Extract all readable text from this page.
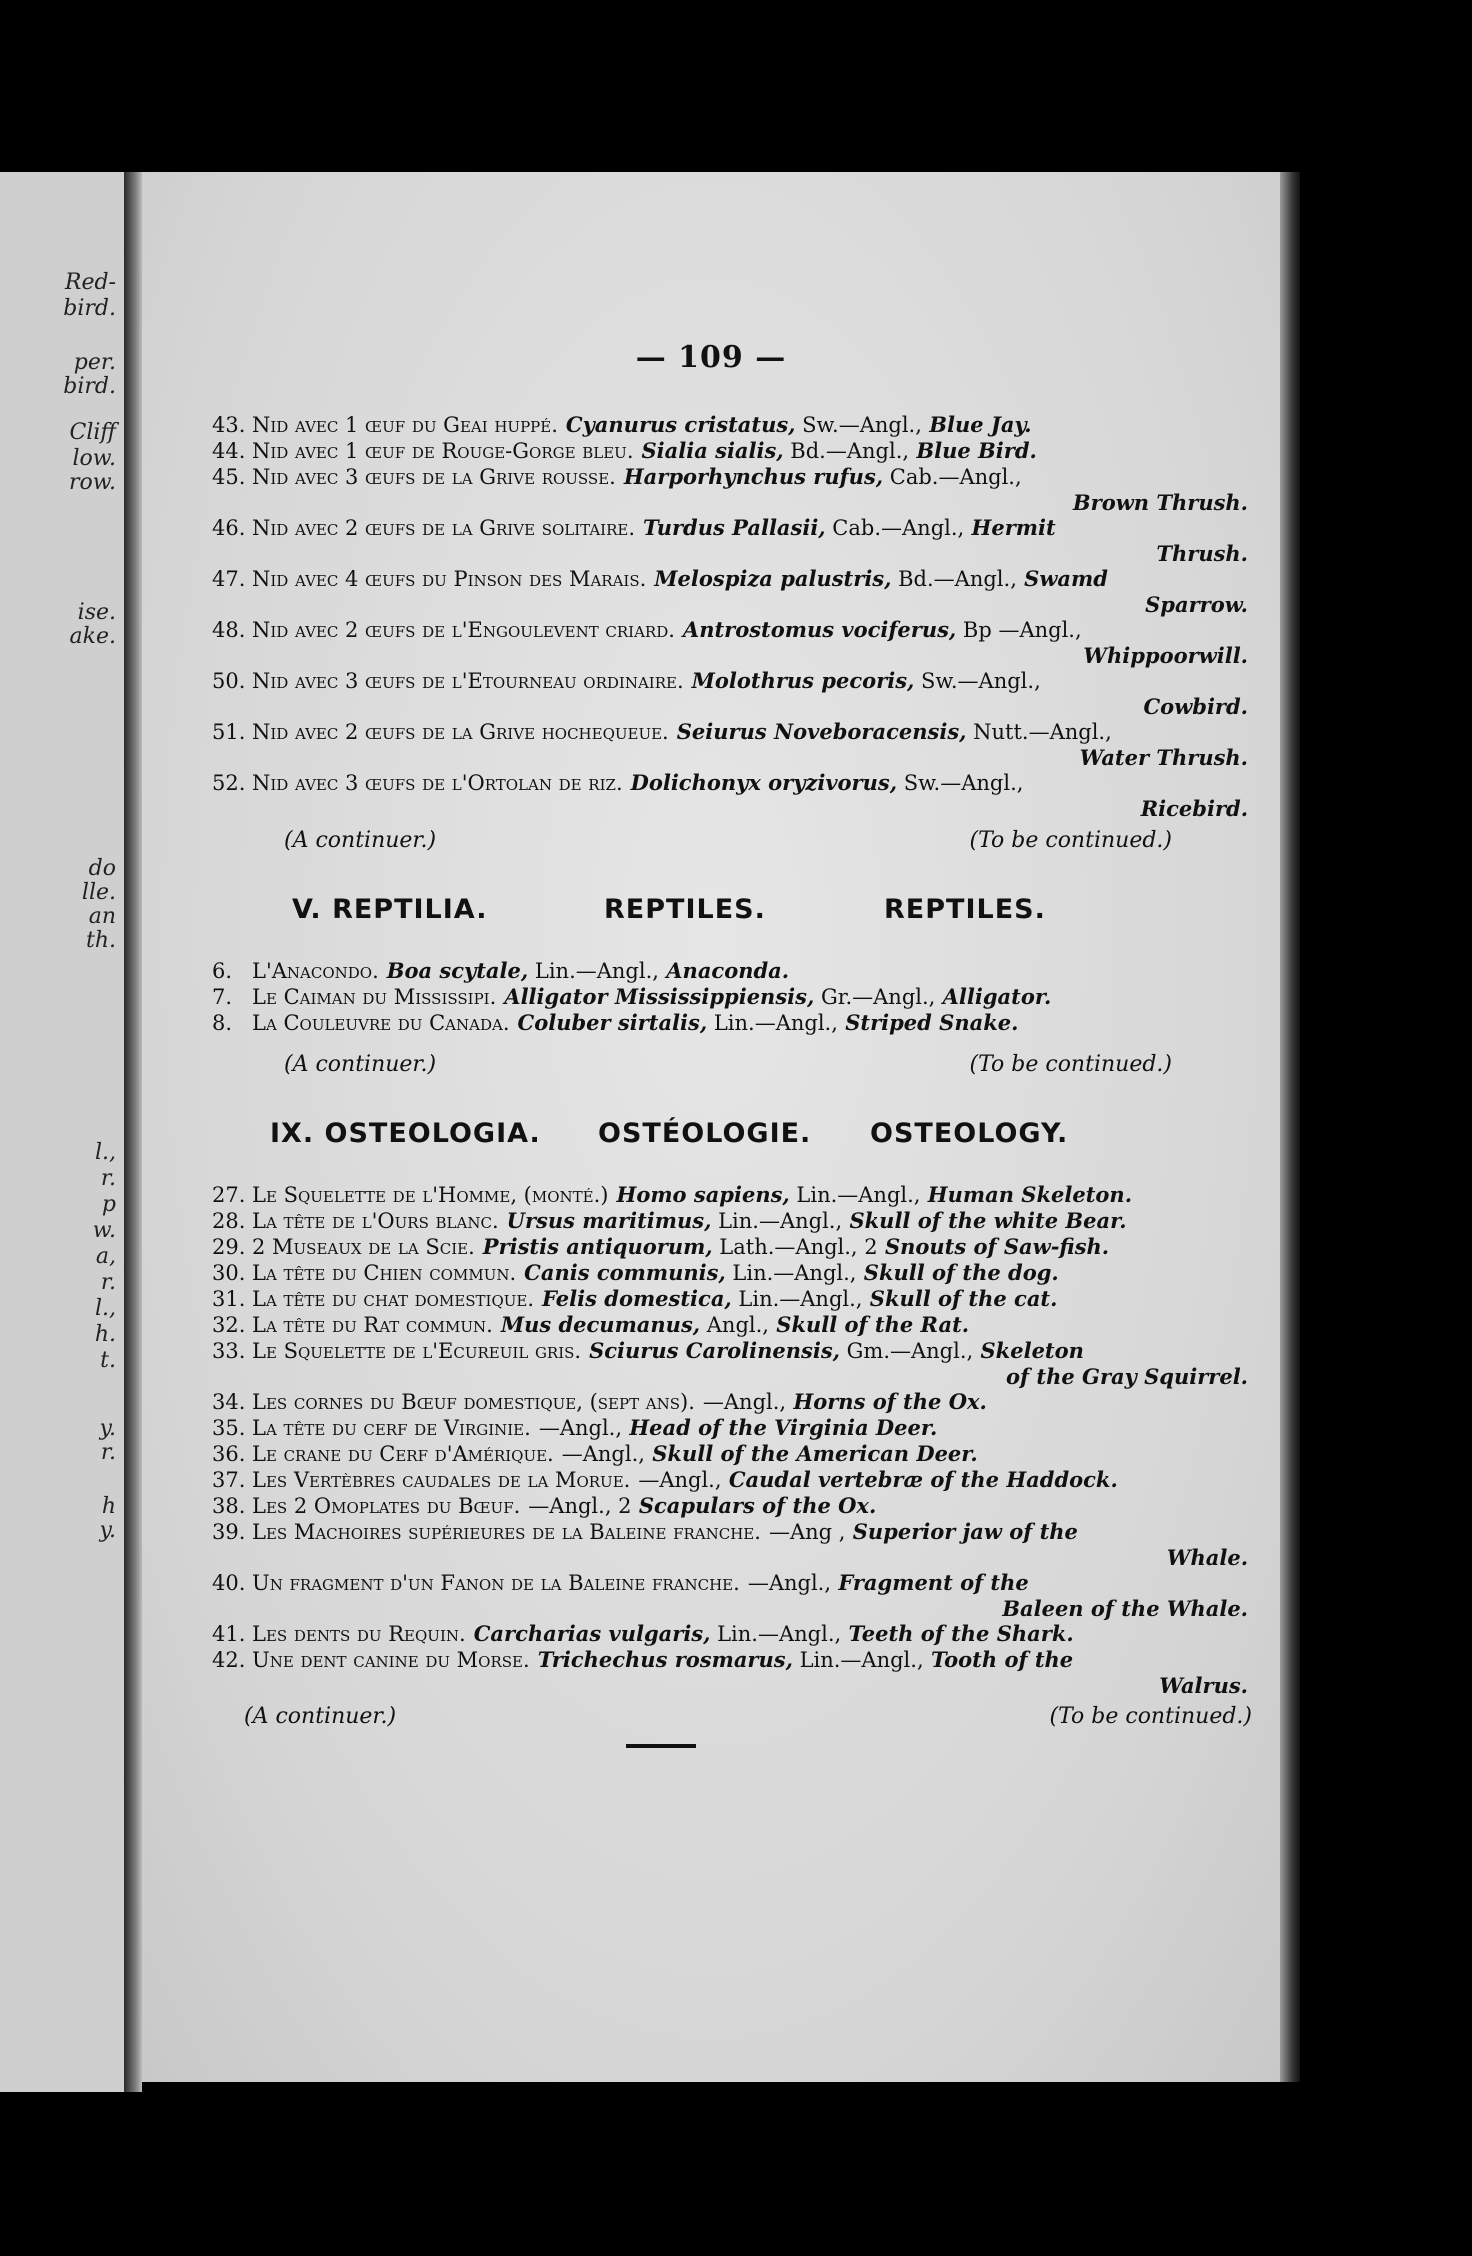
Red-
bird.
per.
bird.
Cliff
low.
row.
ise.
ake.
do
lle.
an
th.
l.,
r.
p
w.
a,
r.
l.,
h.
t.
y.
r.
h
y.
— 109 —
43. Nid avec 1 œuf du Geai huppé. Cyanurus cristatus, Sw.—Angl., Blue Jay.
44. Nid avec 1 œuf de Rouge-Gorge bleu. Sialia sialis, Bd.—Angl., Blue Bird.
45. Nid avec 3 œufs de la Grive rousse. Harporhynchus rufus, Cab.—Angl.,
Brown Thrush.
46. Nid avec 2 œufs de la Grive solitaire. Turdus Pallasii, Cab.—Angl., Hermit
Thrush.
47. Nid avec 4 œufs du Pinson des Marais. Melospiza palustris, Bd.—Angl., Swamd
Sparrow.
48. Nid avec 2 œufs de l'Engoulevent criard. Antrostomus vociferus, Bp —Angl.,
Whippoorwill.
50. Nid avec 3 œufs de l'Etourneau ordinaire. Molothrus pecoris, Sw.—Angl.,
Cowbird.
51. Nid avec 2 œufs de la Grive hochequeue. Seiurus Noveboracensis, Nutt.—Angl.,
Water Thrush.
52. Nid avec 3 œufs de l'Ortolan de riz. Dolichonyx oryzivorus, Sw.—Angl.,
Ricebird.
(A continuer.)	(To be continued.)
V. REPTILIA.	REPTILES.	REPTILES.
6. L'Anacondo. Boa scytale, Lin.—Angl., Anaconda.
7. Le Caiman du Mississipi. Alligator Mississippiensis, Gr.—Angl., Alligator.
8. La Couleuvre du Canada. Coluber sirtalis, Lin.—Angl., Striped Snake.
(A continuer.)	(To be continued.)
IX. OSTEOLOGIA. OSTÉOLOGIE. OSTEOLOGY.
27. Le Squelette de l'Homme, (monté.) Homo sapiens, Lin.—Angl., Human Skeleton.
28. La tête de l'Ours blanc. Ursus maritimus, Lin.—Angl., Skull of the white Bear.
29. 2 Museaux de la Scie. Pristis antiquorum, Lath.—Angl., 2 Snouts of Saw-fish.
30. La tête du Chien commun. Canis communis, Lin.—Angl., Skull of the dog.
31. La tête du chat domestique. Felis domestica, Lin.—Angl., Skull of the cat.
32. La tête du Rat commun. Mus decumanus, Angl., Skull of the Rat.
33. Le Squelette de l'Ecureuil gris. Sciurus Carolinensis, Gm.—Angl., Skeleton
of the Gray Squirrel.
34. Les cornes du Bœuf domestique, (sept ans). —Angl., Horns of the Ox.
35. La tête du cerf de Virginie. —Angl., Head of the Virginia Deer.
36. Le crane du Cerf d'Amérique. —Angl., Skull of the American Deer.
37. Les Vertèbres caudales de la Morue. —Angl., Caudal vertebræ of the Haddock.
38. Les 2 Omoplates du Bœuf. —Angl., 2 Scapulars of the Ox.
39. Les Machoires supérieures de la Baleine franche. —Ang , Superior jaw of the
Whale.
40. Un fragment d'un Fanon de la Baleine franche. —Angl., Fragment of the
Baleen of the Whale.
41. Les dents du Requin. Carcharias vulgaris, Lin.—Angl., Teeth of the Shark.
42. Une dent canine du Morse. Trichechus rosmarus, Lin.—Angl., Tooth of the
Walrus.
(A continuer.)	(To be continued.)
